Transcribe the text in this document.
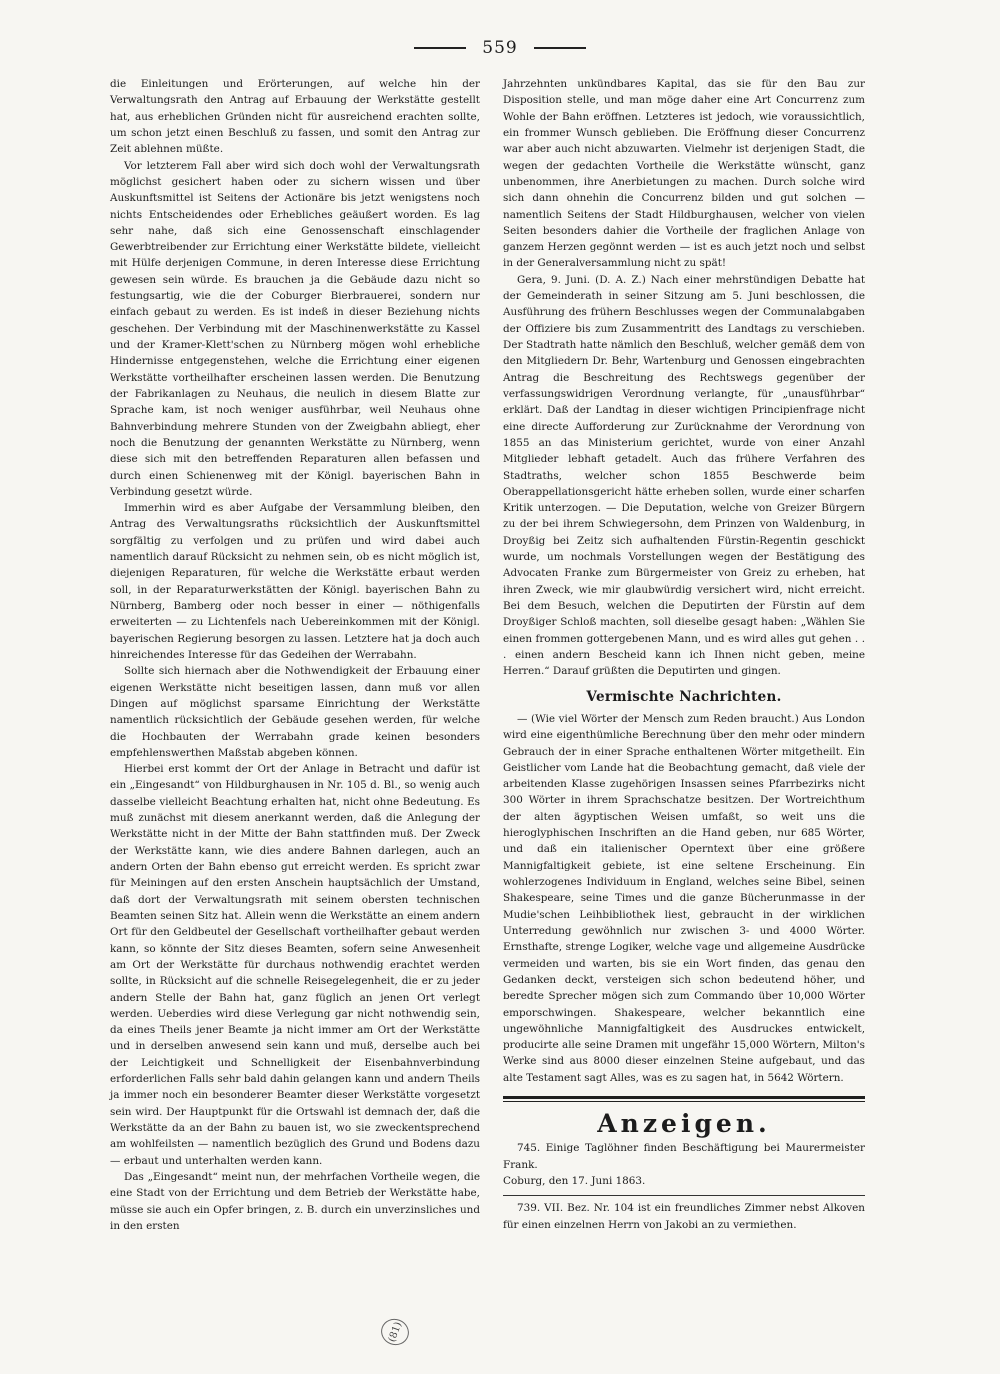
559

die Einleitungen und Erörterungen, auf welche hin der Verwaltungsrath den Antrag auf Erbauung der Werkstätte gestellt hat, aus erheblichen Gründen nicht für ausreichend erachten sollte, um schon jetzt einen Beschluß zu fassen, und somit den Antrag zur Zeit ablehnen müßte.

Vor letzterem Fall aber wird sich doch wohl der Verwaltungsrath möglichst gesichert haben oder zu sichern wissen und über Auskunftsmittel ist Seitens der Actionäre bis jetzt wenigstens noch nichts Entscheidendes oder Erhebliches geäußert worden. Es lag sehr nahe, daß sich eine Genossenschaft einschlagender Gewerbtreibender zur Errichtung einer Werkstätte bildete, vielleicht mit Hülfe derjenigen Commune, in deren Interesse diese Errichtung gewesen sein würde. Es brauchen ja die Gebäude dazu nicht so festungsartig, wie die der Coburger Bierbrauerei, sondern nur einfach gebaut zu werden. Es ist indeß in dieser Beziehung nichts geschehen. Der Verbindung mit der Maschinenwerkstätte zu Kassel und der Kramer-Klett'schen zu Nürnberg mögen wohl erhebliche Hindernisse entgegenstehen, welche die Errichtung einer eigenen Werkstätte vortheilhafter erscheinen lassen werden. Die Benutzung der Fabrikanlagen zu Neuhaus, die neulich in diesem Blatte zur Sprache kam, ist noch weniger ausführbar, weil Neuhaus ohne Bahnverbindung mehrere Stunden von der Zweigbahn abliegt, eher noch die Benutzung der genannten Werkstätte zu Nürnberg, wenn diese sich mit den betreffenden Reparaturen allen befassen und durch einen Schienenweg mit der Königl. bayerischen Bahn in Verbindung gesetzt würde.

Immerhin wird es aber Aufgabe der Versammlung bleiben, den Antrag des Verwaltungsraths rücksichtlich der Auskunftsmittel sorgfältig zu verfolgen und zu prüfen und wird dabei auch namentlich darauf Rücksicht zu nehmen sein, ob es nicht möglich ist, diejenigen Reparaturen, für welche die Werkstätte erbaut werden soll, in der Reparaturwerkstätten der Königl. bayerischen Bahn zu Nürnberg, Bamberg oder noch besser in einer — nöthigenfalls erweiterten — zu Lichtenfels nach Uebereinkommen mit der Königl. bayerischen Regierung besorgen zu lassen. Letztere hat ja doch auch hinreichendes Interesse für das Gedeihen der Werrabahn.

Sollte sich hiernach aber die Nothwendigkeit der Erbauung einer eigenen Werkstätte nicht beseitigen lassen, dann muß vor allen Dingen auf möglichst sparsame Einrichtung der Werkstätte namentlich rücksichtlich der Gebäude gesehen werden, für welche die Hochbauten der Werrabahn grade keinen besonders empfehlenswerthen Maßstab abgeben können.

Hierbei erst kommt der Ort der Anlage in Betracht und dafür ist ein „Eingesandt“ von Hildburghausen in Nr. 105 d. Bl., so wenig auch dasselbe vielleicht Beachtung erhalten hat, nicht ohne Bedeutung. Es muß zunächst mit diesem anerkannt werden, daß die Anlegung der Werkstätte nicht in der Mitte der Bahn stattfinden muß. Der Zweck der Werkstätte kann, wie dies andere Bahnen darlegen, auch an andern Orten der Bahn ebenso gut erreicht werden. Es spricht zwar für Meiningen auf den ersten Anschein hauptsächlich der Umstand, daß dort der Verwaltungsrath mit seinem obersten technischen Beamten seinen Sitz hat. Allein wenn die Werkstätte an einem andern Ort für den Geldbeutel der Gesellschaft vortheilhafter gebaut werden kann, so könnte der Sitz dieses Beamten, sofern seine Anwesenheit am Ort der Werkstätte für durchaus nothwendig erachtet werden sollte, in Rücksicht auf die schnelle Reisegelegenheit, die er zu jeder andern Stelle der Bahn hat, ganz füglich an jenen Ort verlegt werden. Ueberdies wird diese Verlegung gar nicht nothwendig sein, da eines Theils jener Beamte ja nicht immer am Ort der Werkstätte und in derselben anwesend sein kann und muß, derselbe auch bei der Leichtigkeit und Schnelligkeit der Eisenbahnverbindung erforderlichen Falls sehr bald dahin gelangen kann und andern Theils ja immer noch ein besonderer Beamter dieser Werkstätte vorgesetzt sein wird. Der Hauptpunkt für die Ortswahl ist demnach der, daß die Werkstätte da an der Bahn zu bauen ist, wo sie zweckentsprechend am wohlfeilsten — namentlich bezüglich des Grund und Bodens dazu — erbaut und unterhalten werden kann.

Das „Eingesandt“ meint nun, der mehrfachen Vortheile wegen, die eine Stadt von der Errichtung und dem Betrieb der Werkstätte habe, müsse sie auch ein Opfer bringen, z. B. durch ein unverzinsliches und in den ersten

Jahrzehnten unkündbares Kapital, das sie für den Bau zur Disposition stelle, und man möge daher eine Art Concurrenz zum Wohle der Bahn eröffnen. Letzteres ist jedoch, wie voraussichtlich, ein frommer Wunsch geblieben. Die Eröffnung dieser Concurrenz war aber auch nicht abzuwarten. Vielmehr ist derjenigen Stadt, die wegen der gedachten Vortheile die Werkstätte wünscht, ganz unbenommen, ihre Anerbietungen zu machen. Durch solche wird sich dann ohnehin die Concurrenz bilden und gut solchen — namentlich Seitens der Stadt Hildburghausen, welcher von vielen Seiten besonders dahier die Vortheile der fraglichen Anlage von ganzem Herzen gegönnt werden — ist es auch jetzt noch und selbst in der Generalversammlung nicht zu spät!

Gera, 9. Juni. (D. A. Z.) Nach einer mehrstündigen Debatte hat der Gemeinderath in seiner Sitzung am 5. Juni beschlossen, die Ausführung des frühern Beschlusses wegen der Communalabgaben der Offiziere bis zum Zusammentritt des Landtags zu verschieben. Der Stadtrath hatte nämlich den Beschluß, welcher gemäß dem von den Mitgliedern Dr. Behr, Wartenburg und Genossen eingebrachten Antrag die Beschreitung des Rechtswegs gegenüber der verfassungswidrigen Verordnung verlangte, für „unausführbar“ erklärt. Daß der Landtag in dieser wichtigen Principienfrage nicht eine directe Aufforderung zur Zurücknahme der Verordnung von 1855 an das Ministerium gerichtet, wurde von einer Anzahl Mitglieder lebhaft getadelt. Auch das frühere Verfahren des Stadtraths, welcher schon 1855 Beschwerde beim Oberappellationsgericht hätte erheben sollen, wurde einer scharfen Kritik unterzogen. — Die Deputation, welche von Greizer Bürgern zu der bei ihrem Schwiegersohn, dem Prinzen von Waldenburg, in Droyßig bei Zeitz sich aufhaltenden Fürstin-Regentin geschickt wurde, um nochmals Vorstellungen wegen der Bestätigung des Advocaten Franke zum Bürgermeister von Greiz zu erheben, hat ihren Zweck, wie mir glaubwürdig versichert wird, nicht erreicht. Bei dem Besuch, welchen die Deputirten der Fürstin auf dem Droyßiger Schloß machten, soll dieselbe gesagt haben: „Wählen Sie einen frommen gottergebenen Mann, und es wird alles gut gehen . . . einen andern Bescheid kann ich Ihnen nicht geben, meine Herren.“ Darauf grüßten die Deputirten und gingen.

Vermischte Nachrichten.

— (Wie viel Wörter der Mensch zum Reden braucht.) Aus London wird eine eigenthümliche Berechnung über den mehr oder mindern Gebrauch der in einer Sprache enthaltenen Wörter mitgetheilt. Ein Geistlicher vom Lande hat die Beobachtung gemacht, daß viele der arbeitenden Klasse zugehörigen Insassen seines Pfarrbezirks nicht 300 Wörter in ihrem Sprachschatze besitzen. Der Wortreichthum der alten ägyptischen Weisen umfaßt, so weit uns die hieroglyphischen Inschriften an die Hand geben, nur 685 Wörter, und daß ein italienischer Operntext über eine größere Mannigfaltigkeit gebiete, ist eine seltene Erscheinung. Ein wohlerzogenes Individuum in England, welches seine Bibel, seinen Shakespeare, seine Times und die ganze Bücherunmasse in der Mudie'schen Leihbibliothek liest, gebraucht in der wirklichen Unterredung gewöhnlich nur zwischen 3- und 4000 Wörter. Ernsthafte, strenge Logiker, welche vage und allgemeine Ausdrücke vermeiden und warten, bis sie ein Wort finden, das genau den Gedanken deckt, versteigen sich schon bedeutend höher, und beredte Sprecher mögen sich zum Commando über 10,000 Wörter emporschwingen. Shakespeare, welcher bekanntlich eine ungewöhnliche Mannigfaltigkeit des Ausdruckes entwickelt, producirte alle seine Dramen mit ungefähr 15,000 Wörtern, Milton's Werke sind aus 8000 dieser einzelnen Steine aufgebaut, und das alte Testament sagt Alles, was es zu sagen hat, in 5642 Wörtern.

Anzeigen.

745. Einige Taglöhner finden Beschäftigung bei Maurermeister Frank.

Coburg, den 17. Juni 1863.

739. VII. Bez. Nr. 104 ist ein freundliches Zimmer nebst Alkoven für einen einzelnen Herrn von Jakobi an zu vermiethen.

(81)
